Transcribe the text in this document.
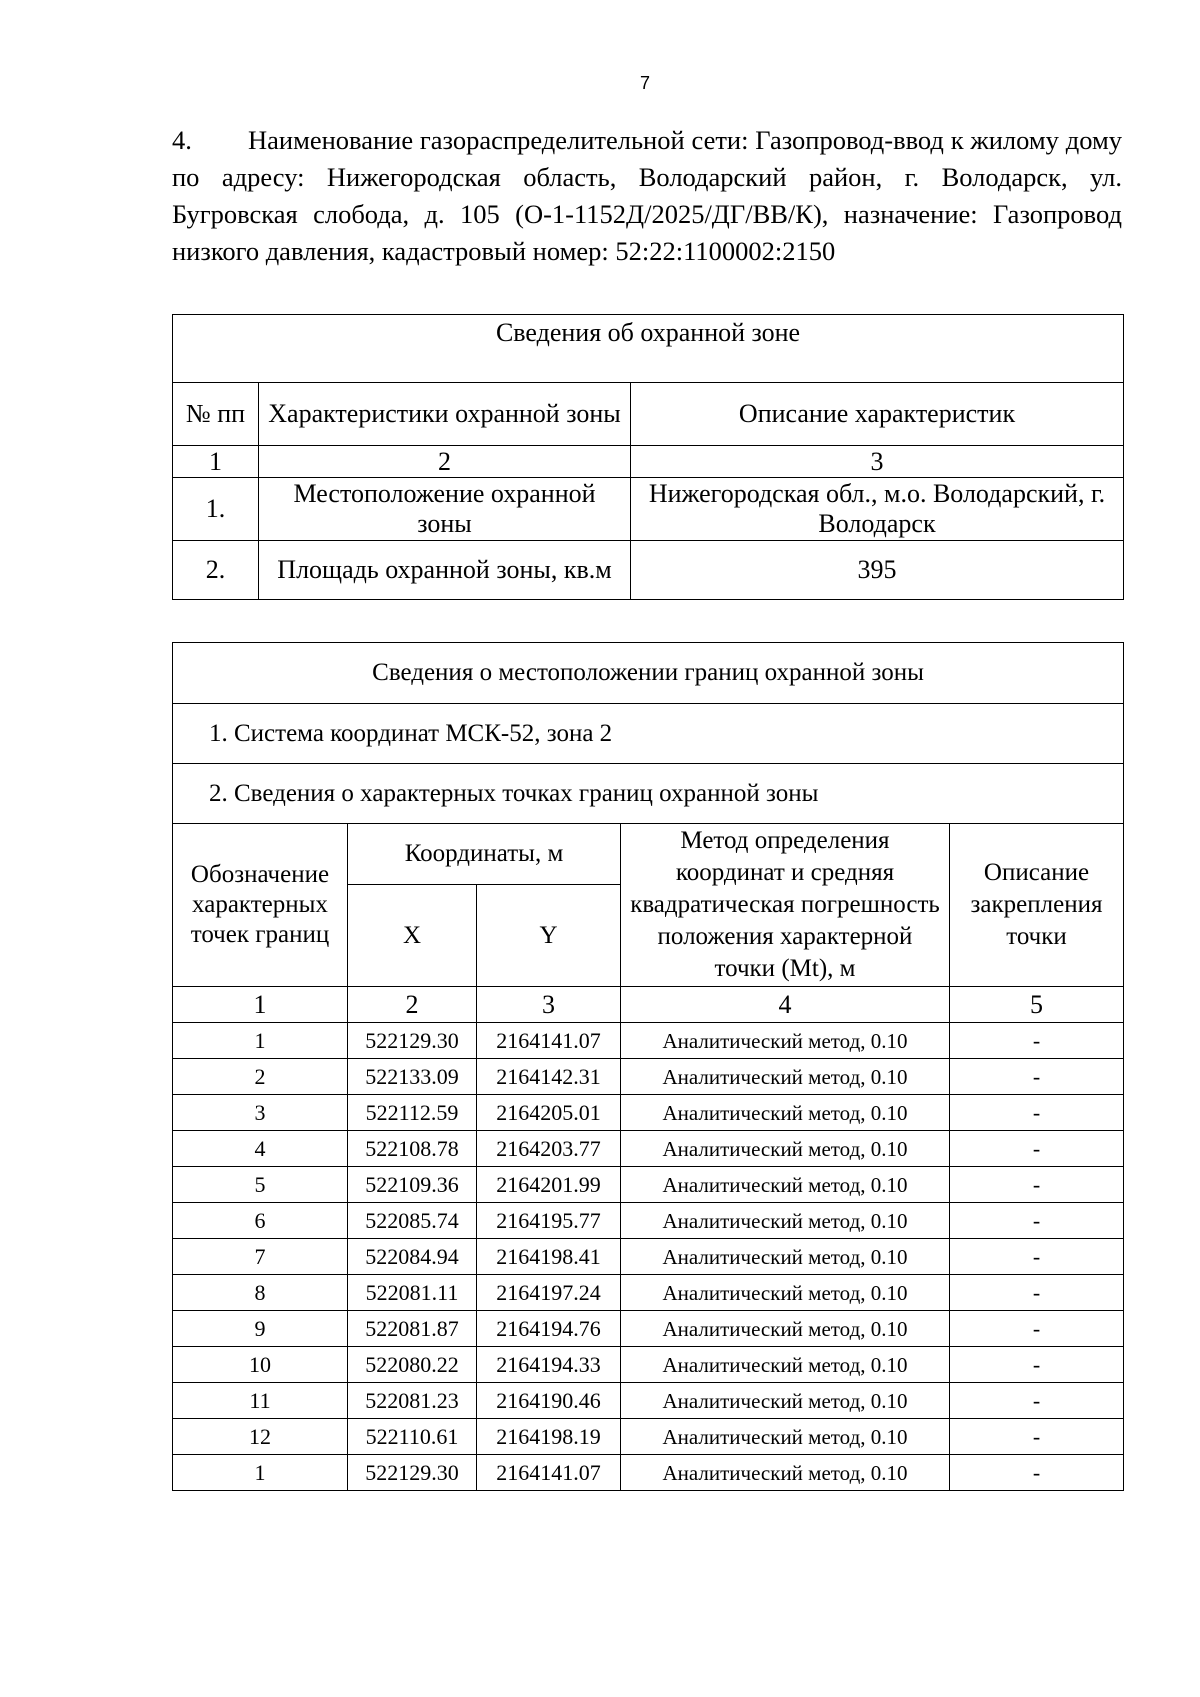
7
4. Наименование газораспределительной сети: Газопровод-ввод к жилому дому по адресу: Нижегородская область, Володарский район, г. Володарск, ул. Бугровская слобода, д. 105 (О-1-1152Д/2025/ДГ/ВВ/К), назначение: Газопровод низкого давления, кадастровый номер: 52:22:1100002:2150
Сведения об охранной зоне		
№ пп	Характеристики охранной зоны	Описание характеристик
1	2	3
1.	Местоположение охранной зоны	Нижегородская обл., м.о. Володарский, г. Володарск
2.	Площадь охранной зоны, кв.м	395
Сведения о местоположении границ охранной зоны				
1. Система координат МСК-52, зона 2				
2. Сведения о характерных точках границ охранной зоны				
Обозначение характерных точек границ	Координаты, м		Метод определения координат и средняя квадратическая погрешность положения характерной точки (Mt), м	Описание закрепления точки
	X	Y		
1	2	3	4	5
1	522129.30	2164141.07	Аналитический метод, 0.10	-
2	522133.09	2164142.31	Аналитический метод, 0.10	-
3	522112.59	2164205.01	Аналитический метод, 0.10	-
4	522108.78	2164203.77	Аналитический метод, 0.10	-
5	522109.36	2164201.99	Аналитический метод, 0.10	-
6	522085.74	2164195.77	Аналитический метод, 0.10	-
7	522084.94	2164198.41	Аналитический метод, 0.10	-
8	522081.11	2164197.24	Аналитический метод, 0.10	-
9	522081.87	2164194.76	Аналитический метод, 0.10	-
10	522080.22	2164194.33	Аналитический метод, 0.10	-
11	522081.23	2164190.46	Аналитический метод, 0.10	-
12	522110.61	2164198.19	Аналитический метод, 0.10	-
1	522129.30	2164141.07	Аналитический метод, 0.10	-
